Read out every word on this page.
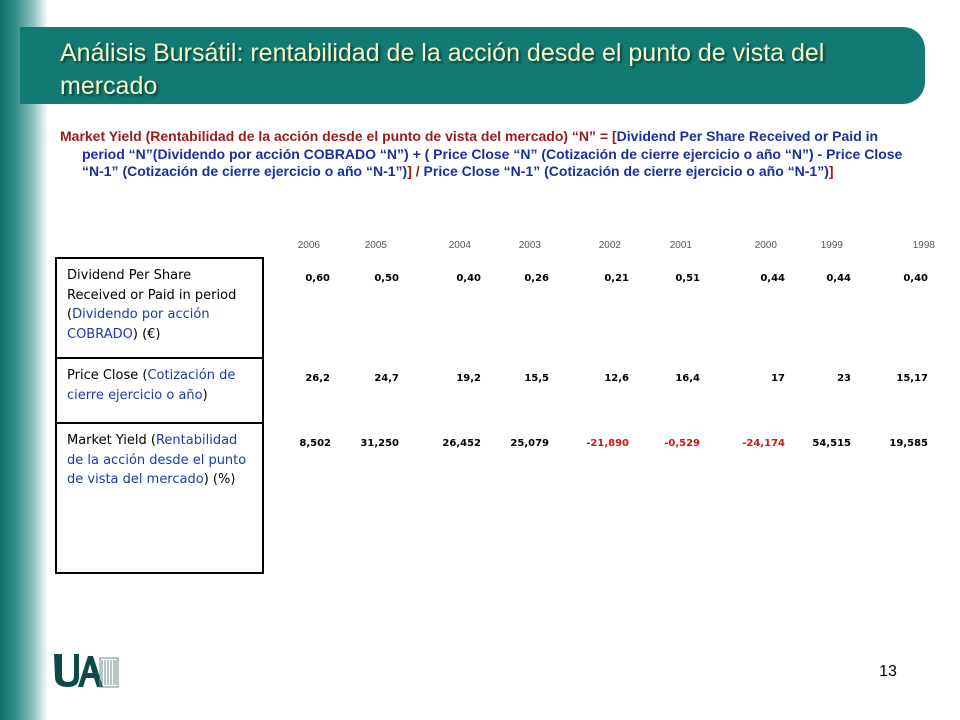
Análisis Bursátil: rentabilidad de la acción desde el punto de vista del mercado
Market Yield (Rentabilidad de la acción desde el punto de vista del mercado) “N” = [Dividend Per Share Received or Paid in period “N”(Dividendo por acción COBRADO “N”) + ( Price Close “N” (Cotización de cierre ejercicio o año “N”) - Price Close “N-1” (Cotización de cierre ejercicio o año “N-1”)] / Price Close “N-1” (Cotización de cierre ejercicio o año “N-1”)]
2006	2005	2004	2003	2002	2001	2000	1999	1998
Dividend Per Share Received or Paid in period (Dividendo por acción COBRADO) (€)	0,60	0,50	0,40	0,26	0,21	0,51	0,44	0,44	0,40
Price Close (Cotización de cierre ejercicio o año)	26,2	24,7	19,2	15,5	12,6	16,4	17	23	15,17
Market Yield (Rentabilidad de la acción desde el punto de vista del mercado) (%)	8,502	31,250	26,452	25,079	-21,890	-0,529	-24,174	54,515	19,585
13
